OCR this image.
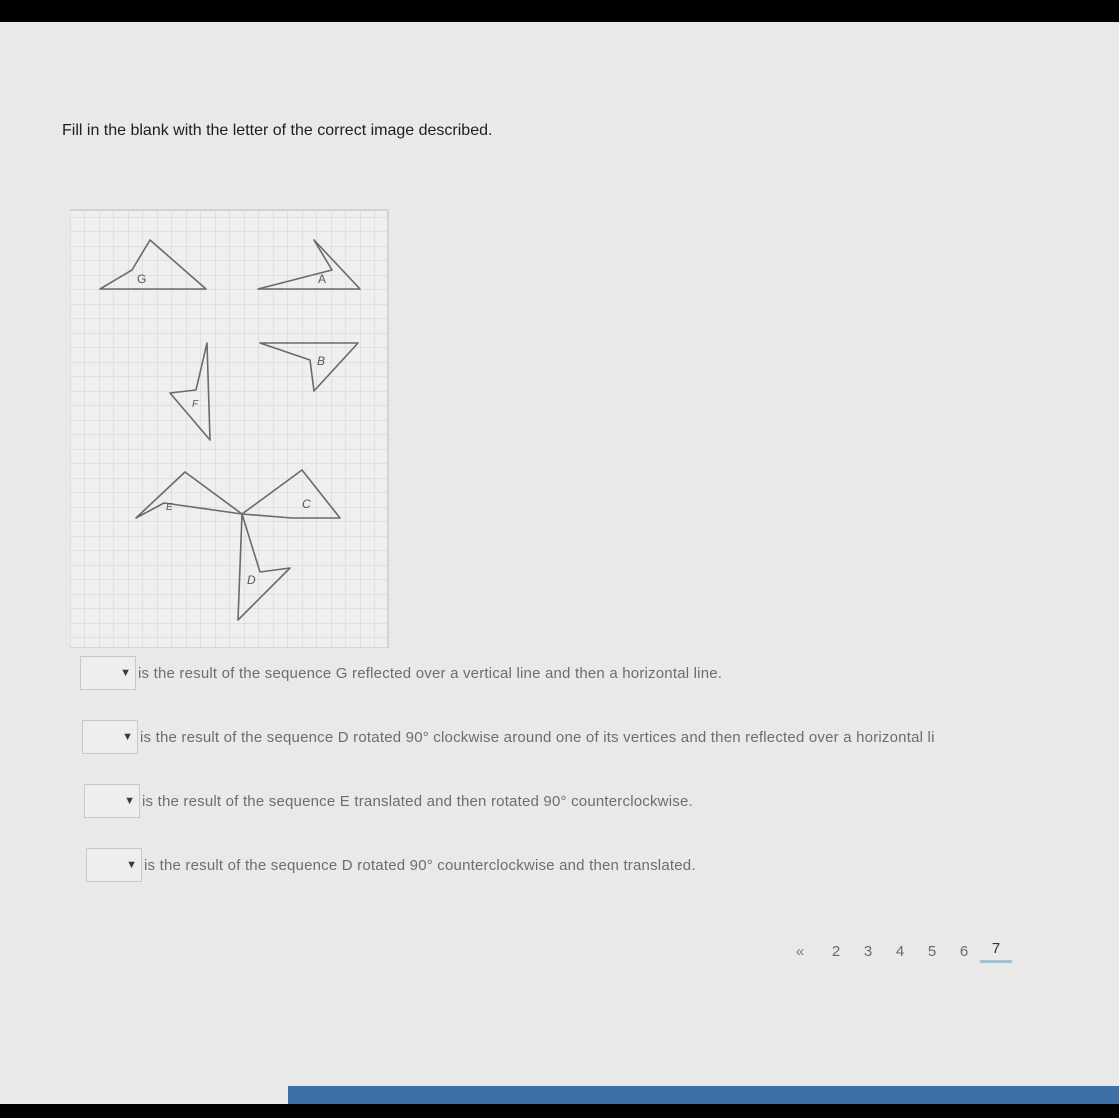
Fill in the blank with the letter of the correct image described.
G	A
B
F
E	C
D
▼ is the result of the sequence G reflected over a vertical line and then a horizontal line.
▼ is the result of the sequence D rotated 90° clockwise around one of its vertices and then reflected over a horizontal li
▼ is the result of the sequence E translated and then rotated 90° counterclockwise.
▼ is the result of the sequence D rotated 90° counterclockwise and then translated.
«	2	3	4	5	6	7
